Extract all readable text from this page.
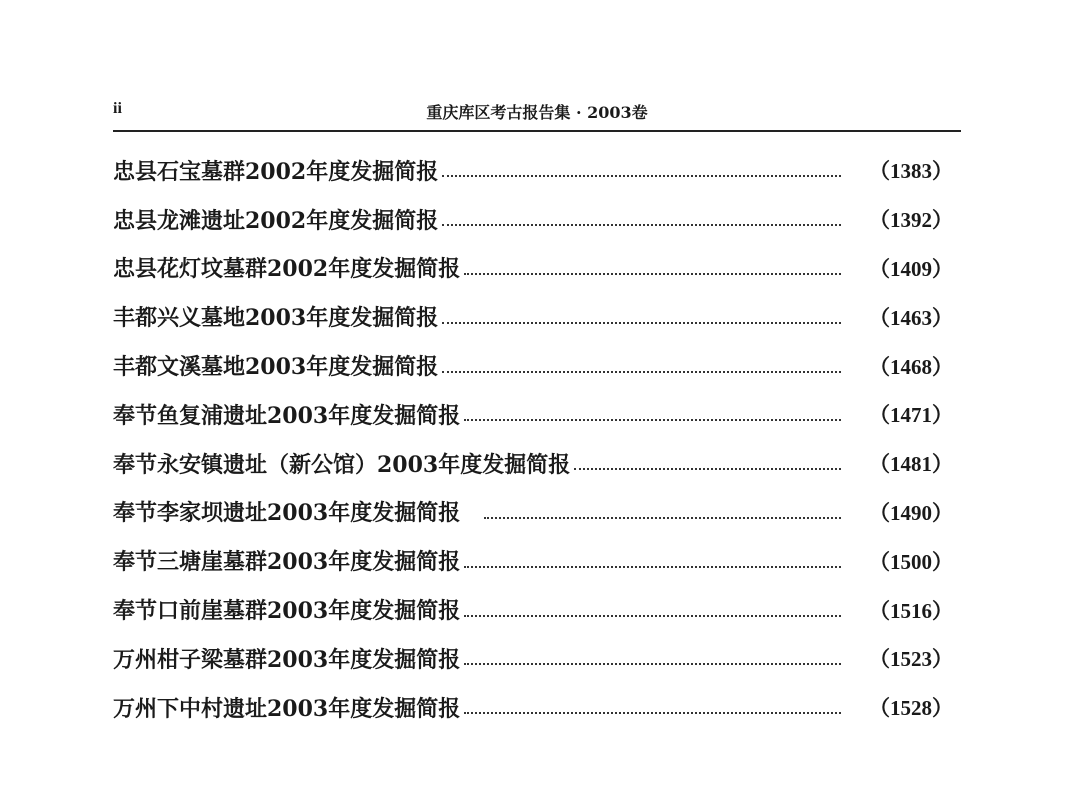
ii	重庆库区考古报告集 · 2003卷
忠县石宝墓群2002年度发掘简报	（1383）
忠县龙滩遗址2002年度发掘简报	（1392）
忠县花灯坟墓群2002年度发掘简报	（1409）
丰都兴义墓地2003年度发掘简报	（1463）
丰都文溪墓地2003年度发掘简报	（1468）
奉节鱼复浦遗址2003年度发掘简报	（1471）
奉节永安镇遗址（新公馆）2003年度发掘简报	（1481）
奉节李家坝遗址2003年度发掘简报	（1490）
奉节三塘崖墓群2003年度发掘简报	（1500）
奉节口前崖墓群2003年度发掘简报	（1516）
万州柑子梁墓群2003年度发掘简报	（1523）
万州下中村遗址2003年度发掘简报	（1528）
